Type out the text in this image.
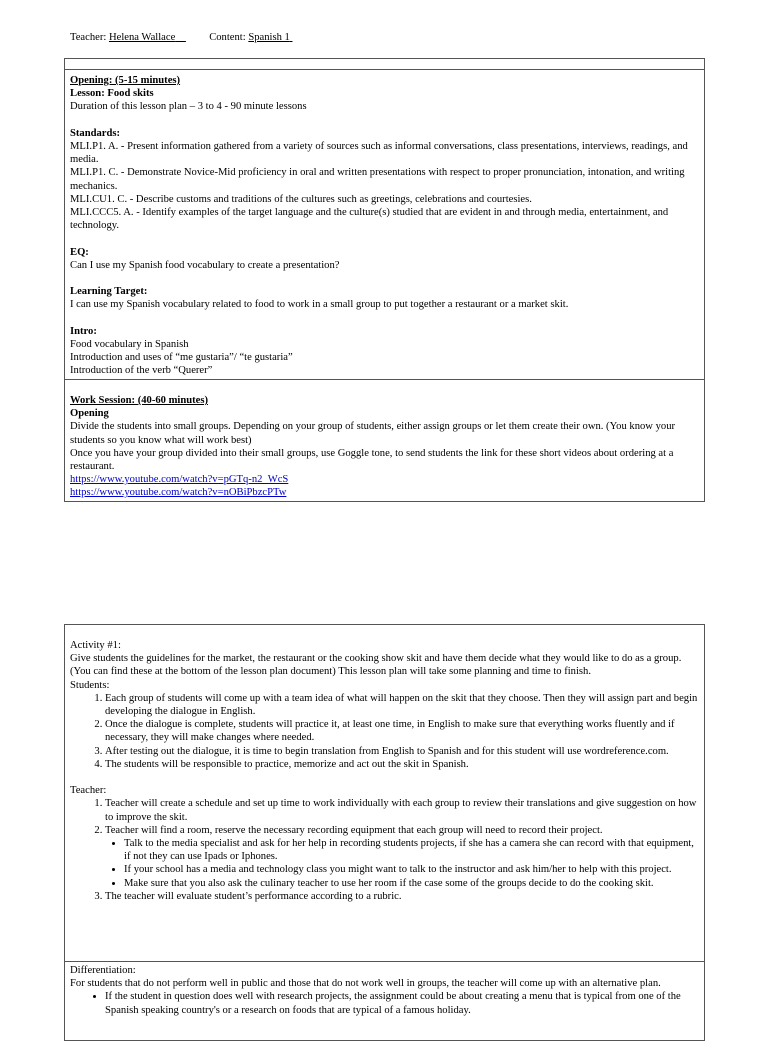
Teacher: Helena Wallace	Content: Spanish 1

Opening: (5-15 minutes)

Lesson: Food skits

Duration of this lesson plan – 3 to 4 - 90 minute lessons

Standards:

MLI.P1. A. - Present information gathered from a variety of sources such as informal conversations, class presentations, interviews, readings, and media.

MLI.P1. C. - Demonstrate Novice-Mid proficiency in oral and written presentations with respect to proper pronunciation, intonation, and writing mechanics.

MLI.CU1. C. - Describe customs and traditions of the cultures such as greetings, celebrations and courtesies.

MLI.CCC5. A. - Identify examples of the target language and the culture(s) studied that are evident in and through media, entertainment, and technology.

EQ:

Can I use my Spanish food vocabulary to create a presentation?

Learning Target:

I can use my Spanish vocabulary related to food to work in a small group to put together a restaurant or a market skit.

Intro:

Food vocabulary in Spanish

Introduction and uses of “me gustaria”/ “te gustaria”

Introduction of the verb “Querer”

Work Session: (40-60 minutes)

Opening

Divide the students into small groups. Depending on your group of students, either assign groups or let them create their own. (You know your students so you know what will work best)

Once you have your group divided into their small groups, use Goggle tone, to send students the link for these short videos about ordering at a restaurant.

https://www.youtube.com/watch?v=pGTq-n2_WcS

https://www.youtube.com/watch?v=nOBiPbzcPTw

Activity #1:

Give students the guidelines for the market, the restaurant or the cooking show skit and have them decide what they would like to do as a group. (You can find these at the bottom of the lesson plan document) This lesson plan will take some planning and time to finish.

Students:

1. Each group of students will come up with a team idea of what will happen on the skit that they choose. Then they will assign part and begin developing the dialogue in English.
2. Once the dialogue is complete, students will practice it, at least one time, in English to make sure that everything works fluently and if necessary, they will make changes where needed.
3. After testing out the dialogue, it is time to begin translation from English to Spanish and for this student will use wordreference.com.
4. The students will be responsible to practice, memorize and act out the skit in Spanish.

Teacher:

1. Teacher will create a schedule and set up time to work individually with each group to review their translations and give suggestion on how to improve the skit.
2. Teacher will find a room, reserve the necessary recording equipment that each group will need to record their project.
• Talk to the media specialist and ask for her help in recording students projects, if she has a camera she can record with that equipment, if not they can use Ipads or Iphones.
• If your school has a media and technology class you might want to talk to the instructor and ask him/her to help with this project.
• Make sure that you also ask the culinary teacher to use her room if the case some of the groups decide to do the cooking skit.
3. The teacher will evaluate student’s performance according to a rubric.

Differentiation:

For students that do not perform well in public and those that do not work well in groups, the teacher will come up with an alternative plan.

• If the student in question does well with research projects, the assignment could be about creating a menu that is typical from one of the Spanish speaking country's or a research on foods that are typical of a famous holiday.
